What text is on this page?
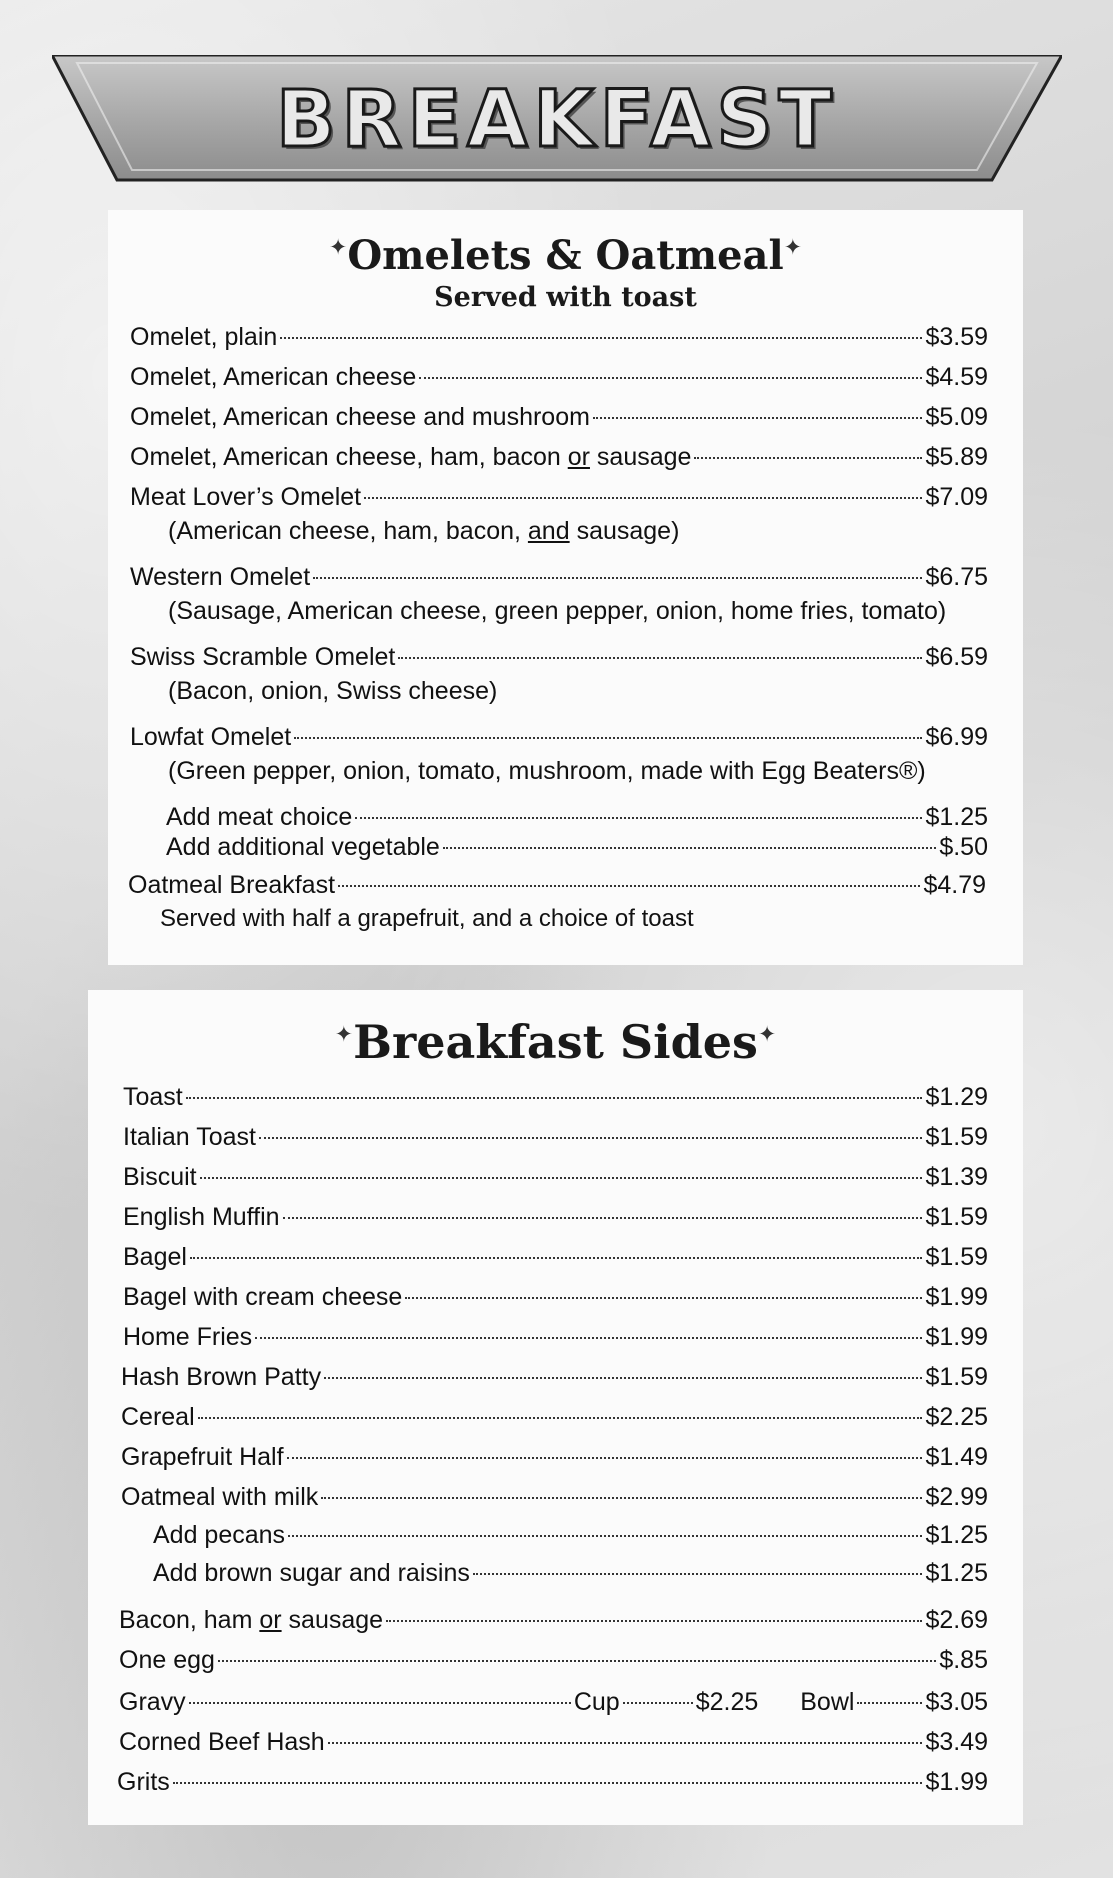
BREAKFAST
✦Omelets & Oatmeal✦
Served with toast
Omelet, plain	$3.59
Omelet, American cheese	$4.59
Omelet, American cheese and mushroom	$5.09
Omelet, American cheese, ham, bacon or sausage	$5.89
Meat Lover’s Omelet	$7.09
(American cheese, ham, bacon, and sausage)
Western Omelet	$6.75
(Sausage, American cheese, green pepper, onion, home fries, tomato)
Swiss Scramble Omelet	$6.59
(Bacon, onion, Swiss cheese)
Lowfat Omelet	$6.99
(Green pepper, onion, tomato, mushroom, made with Egg Beaters®)
Add meat choice	$1.25
Add additional vegetable	$.50
Oatmeal Breakfast	$4.79
Served with half a grapefruit, and a choice of toast
✦Breakfast Sides✦
Toast	$1.29
Italian Toast	$1.59
Biscuit	$1.39
English Muffin	$1.59
Bagel	$1.59
Bagel with cream cheese	$1.99
Home Fries	$1.99
Hash Brown Patty	$1.59
Cereal	$2.25
Grapefruit Half	$1.49
Oatmeal with milk	$2.99
Add pecans	$1.25
Add brown sugar and raisins	$1.25
Bacon, ham or sausage	$2.69
One egg	$.85
Gravy	Cup	$2.25 Bowl	$3.05
Corned Beef Hash	$3.49
Grits	$1.99
